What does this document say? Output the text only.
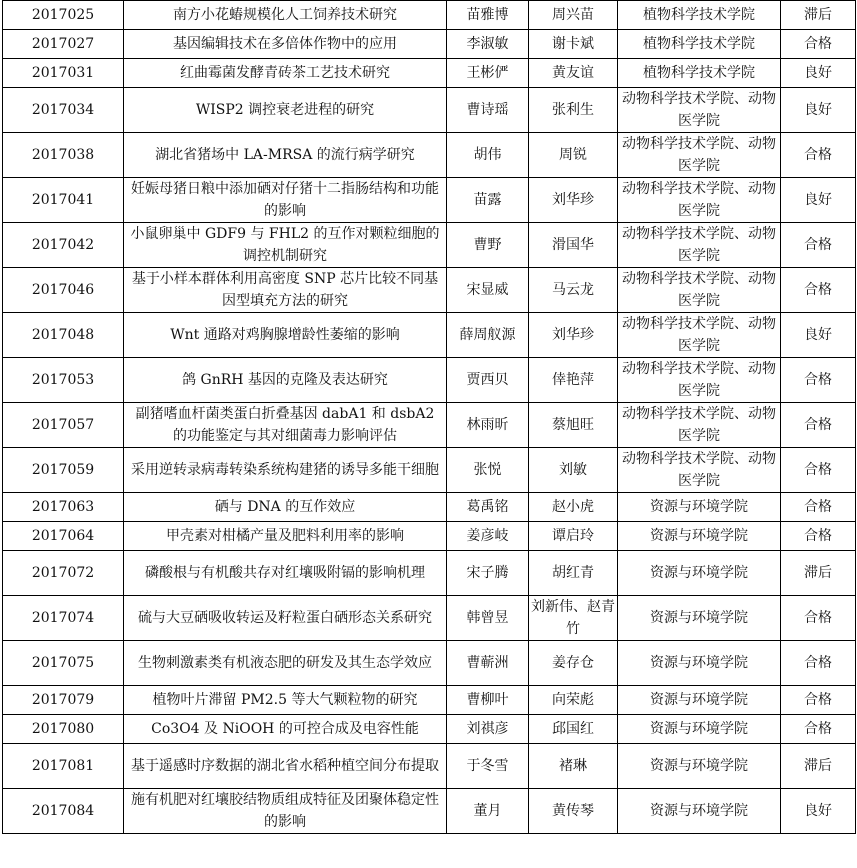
2017025	南方小花蝽规模化人工饲养技术研究	苗雅博	周兴苗	植物科学技术学院	滞后
2017027	基因编辑技术在多倍体作物中的应用	李淑敏	谢卡斌	植物科学技术学院	合格
2017031	红曲霉菌发酵青砖茶工艺技术研究	王彬俨	黄友谊	植物科学技术学院	良好
2017034	WISP2 调控衰老进程的研究	曹诗瑶	张利生	动物科学技术学院、动物医学院	良好
2017038	湖北省猪场中 LA-MRSA 的流行病学研究	胡伟	周锐	动物科学技术学院、动物医学院	合格
2017041	妊娠母猪日粮中添加硒对仔猪十二指肠结构和功能的影响	苗露	刘华珍	动物科学技术学院、动物医学院	良好
2017042	小鼠卵巢中 GDF9 与 FHL2 的互作对颗粒细胞的调控机制研究	曹野	滑国华	动物科学技术学院、动物医学院	合格
2017046	基于小样本群体利用高密度 SNP 芯片比较不同基因型填充方法的研究	宋显威	马云龙	动物科学技术学院、动物医学院	合格
2017048	Wnt 通路对鸡胸腺增龄性萎缩的影响	薛周舣源	刘华珍	动物科学技术学院、动物医学院	良好
2017053	鸽 GnRH 基因的克隆及表达研究	贾西贝	倖艳萍	动物科学技术学院、动物医学院	合格
2017057	副猪嗜血杆菌类蛋白折叠基因 dabA1 和 dsbA2 的功能鉴定与其对细菌毒力影响评估	林雨昕	蔡旭旺	动物科学技术学院、动物医学院	合格
2017059	采用逆转录病毒转染系统构建猪的诱导多能干细胞	张悦	刘敏	动物科学技术学院、动物医学院	合格
2017063	硒与 DNA 的互作效应	葛禹铭	赵小虎	资源与环境学院	合格
2017064	甲壳素对柑橘产量及肥料利用率的影响	姜彦岐	谭启玲	资源与环境学院	合格
2017072	磷酸根与有机酸共存对红壤吸附镉的影响机理	宋子腾	胡红青	资源与环境学院	滞后
2017074	硫与大豆硒吸收转运及籽粒蛋白硒形态关系研究	韩曾昱	刘新伟、赵青竹	资源与环境学院	合格
2017075	生物刺激素类有机液态肥的研发及其生态学效应	曹蕲洲	姜存仓	资源与环境学院	合格
2017079	植物叶片滞留 PM2.5 等大气颗粒物的研究	曹柳叶	向荣彪	资源与环境学院	合格
2017080	Co3O4 及 NiOOH 的可控合成及电容性能	刘祺彦	邱国红	资源与环境学院	合格
2017081	基于遥感时序数据的湖北省水稻种植空间分布提取	于冬雪	褚琳	资源与环境学院	滞后
2017084	施有机肥对红壤胶结物质组成特征及团聚体稳定性的影响	董月	黄传琴	资源与环境学院	良好
